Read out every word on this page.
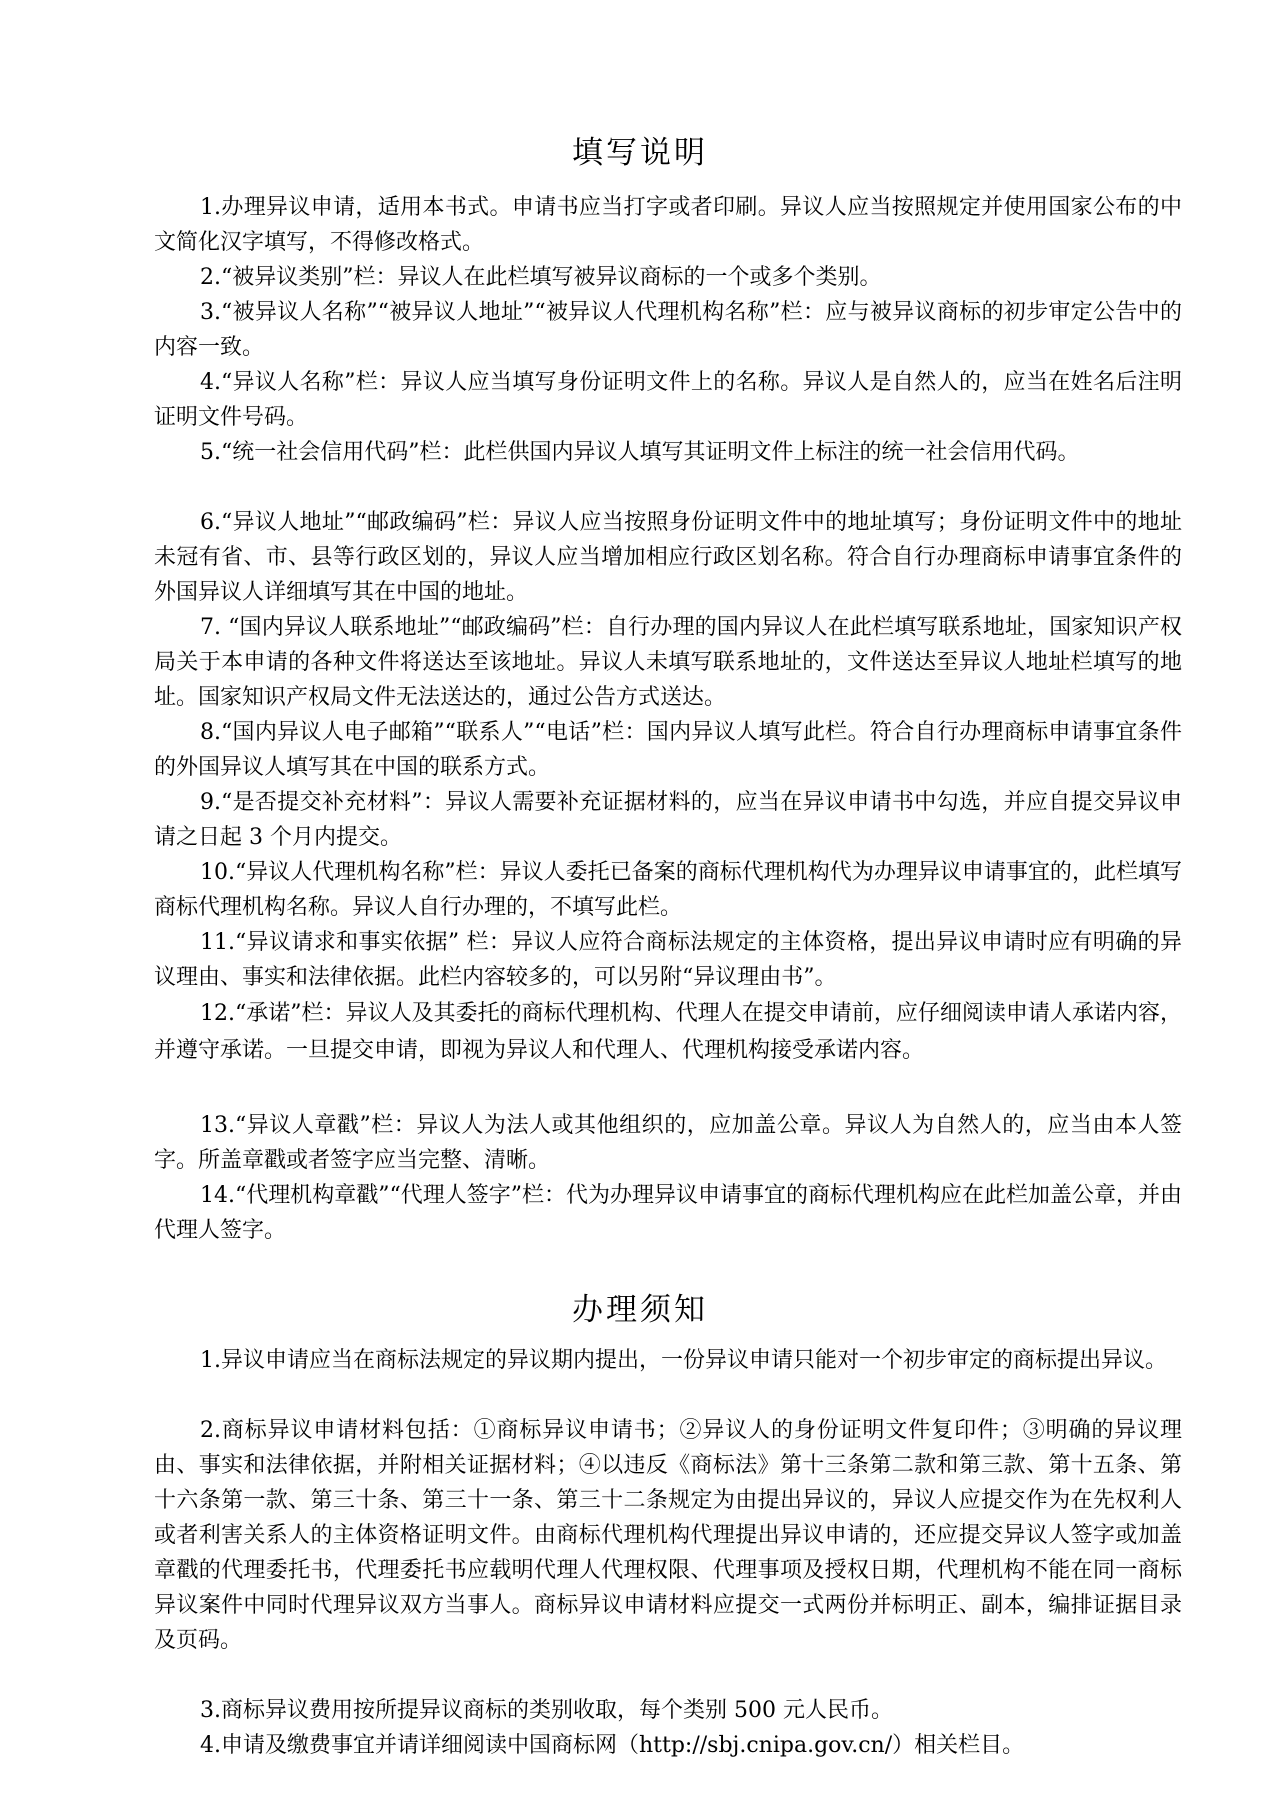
填写说明
1.办理异议申请，适用本书式。申请书应当打字或者印刷。异议人应当按照规定并使用国家公布的中文简化汉字填写，不得修改格式。
2.“被异议类别”栏：异议人在此栏填写被异议商标的一个或多个类别。
3.“被异议人名称”“被异议人地址”“被异议人代理机构名称”栏：应与被异议商标的初步审定公告中的内容一致。
4.“异议人名称”栏：异议人应当填写身份证明文件上的名称。异议人是自然人的，应当在姓名后注明证明文件号码。
5.“统一社会信用代码”栏：此栏供国内异议人填写其证明文件上标注的统一社会信用代码。
6.“异议人地址”“邮政编码”栏：异议人应当按照身份证明文件中的地址填写；身份证明文件中的地址未冠有省、市、县等行政区划的，异议人应当增加相应行政区划名称。符合自行办理商标申请事宜条件的外国异议人详细填写其在中国的地址。
7. “国内异议人联系地址”“邮政编码”栏：自行办理的国内异议人在此栏填写联系地址，国家知识产权局关于本申请的各种文件将送达至该地址。异议人未填写联系地址的，文件送达至异议人地址栏填写的地址。国家知识产权局文件无法送达的，通过公告方式送达。
8.“国内异议人电子邮箱”“联系人”“电话”栏：国内异议人填写此栏。符合自行办理商标申请事宜条件的外国异议人填写其在中国的联系方式。
9.“是否提交补充材料”：异议人需要补充证据材料的，应当在异议申请书中勾选，并应自提交异议申请之日起 3 个月内提交。
10.“异议人代理机构名称”栏：异议人委托已备案的商标代理机构代为办理异议申请事宜的，此栏填写商标代理机构名称。异议人自行办理的，不填写此栏。
11.“异议请求和事实依据” 栏：异议人应符合商标法规定的主体资格，提出异议申请时应有明确的异议理由、事实和法律依据。此栏内容较多的，可以另附“异议理由书”。
12.“承诺”栏：异议人及其委托的商标代理机构、代理人在提交申请前，应仔细阅读申请人承诺内容，并遵守承诺。一旦提交申请，即视为异议人和代理人、代理机构接受承诺内容。
13.“异议人章戳”栏：异议人为法人或其他组织的，应加盖公章。异议人为自然人的，应当由本人签字。所盖章戳或者签字应当完整、清晰。
14.“代理机构章戳”“代理人签字”栏：代为办理异议申请事宜的商标代理机构应在此栏加盖公章，并由代理人签字。
办理须知
1.异议申请应当在商标法规定的异议期内提出，一份异议申请只能对一个初步审定的商标提出异议。
2.商标异议申请材料包括：①商标异议申请书；②异议人的身份证明文件复印件；③明确的异议理由、事实和法律依据，并附相关证据材料；④以违反《商标法》第十三条第二款和第三款、第十五条、第十六条第一款、第三十条、第三十一条、第三十二条规定为由提出异议的，异议人应提交作为在先权利人或者利害关系人的主体资格证明文件。由商标代理机构代理提出异议申请的，还应提交异议人签字或加盖章戳的代理委托书，代理委托书应载明代理人代理权限、代理事项及授权日期，代理机构不能在同一商标异议案件中同时代理异议双方当事人。商标异议申请材料应提交一式两份并标明正、副本，编排证据目录及页码。
3.商标异议费用按所提异议商标的类别收取，每个类别 500 元人民币。
4.申请及缴费事宜并请详细阅读中国商标网（http://sbj.cnipa.gov.cn/）相关栏目。
